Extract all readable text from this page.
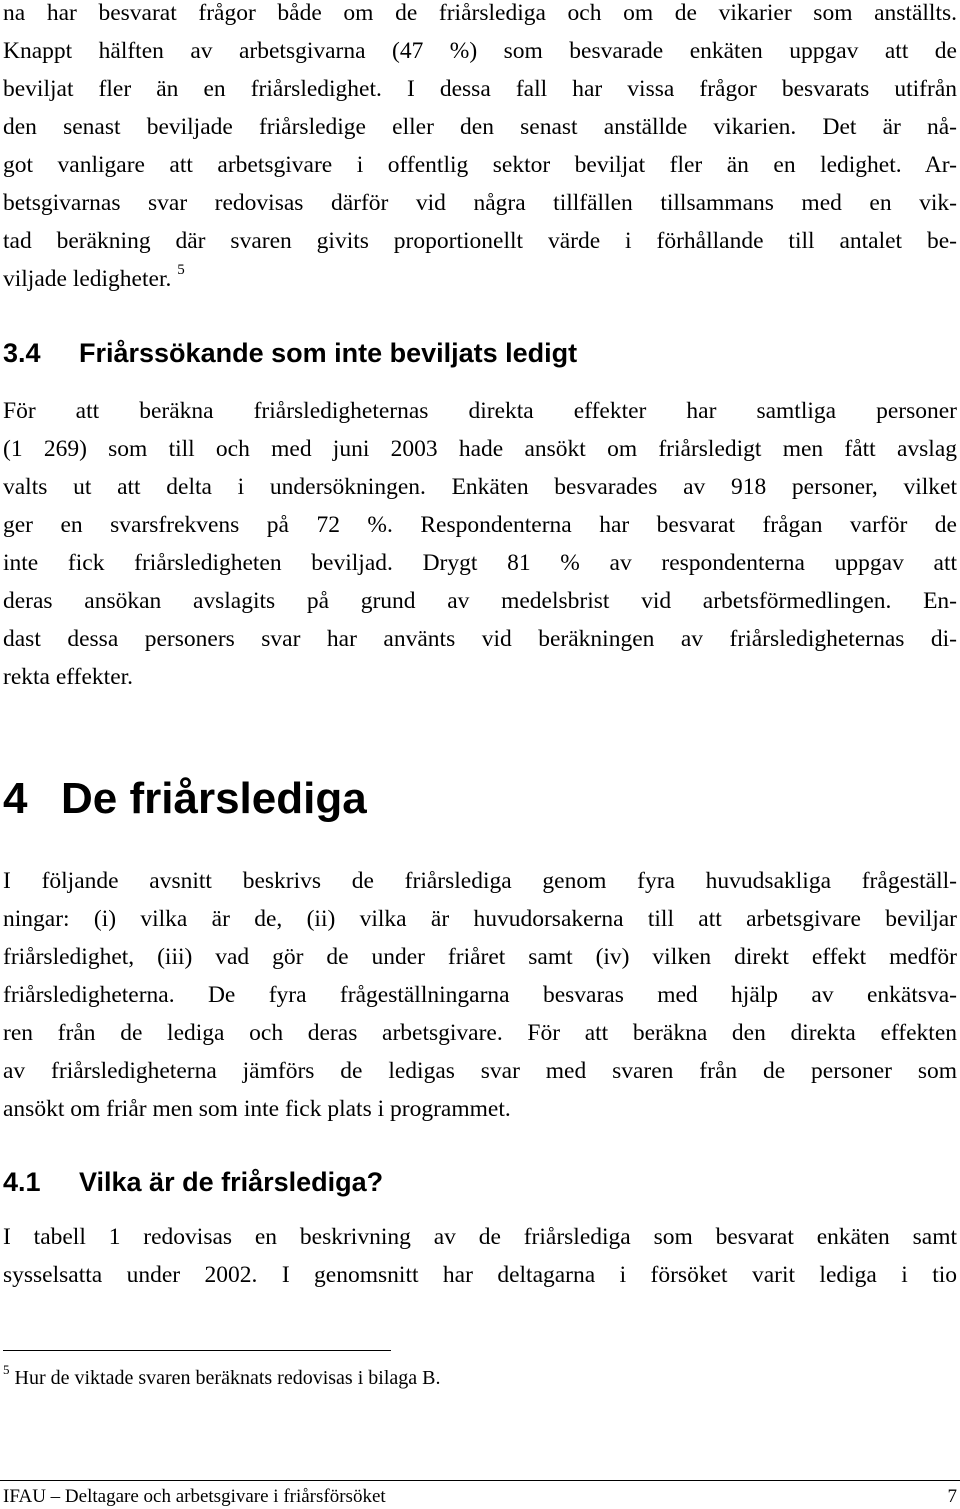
na har besvarat frågor både om de friårslediga och om de vikarier som anställts.
Knappt hälften av arbetsgivarna (47 %) som besvarade enkäten uppgav att de
beviljat fler än en friårsledighet. I dessa fall har vissa frågor besvarats utifrån
den senast beviljade friårsledige eller den senast anställde vikarien. Det är nå-
got vanligare att arbetsgivare i offentlig sektor beviljat fler än en ledighet. Ar-
betsgivarnas svar redovisas därför vid några tillfällen tillsammans med en vik-
tad beräkning där svaren givits proportionellt värde i förhållande till antalet be-
viljade ledigheter. $^5$
3.4 Friårssökande som inte beviljats ledigt
För att beräkna friårsledigheternas direkta effekter har samtliga personer
(1 269) som till och med juni 2003 hade ansökt om friårsledigt men fått avslag
valts ut att delta i undersökningen. Enkäten besvarades av 918 personer, vilket
ger en svarsfrekvens på 72 %. Respondenterna har besvarat frågan varför de
inte fick friårsledigheten beviljad. Drygt 81 % av respondenterna uppgav att
deras ansökan avslagits på grund av medelsbrist vid arbetsförmedlingen. En-
dast dessa personers svar har använts vid beräkningen av friårsledigheternas di-
rekta effekter.
4 De friårslediga
I följande avsnitt beskrivs de friårslediga genom fyra huvudsakliga frågeställ-
ningar: (i) vilka är de, (ii) vilka är huvudorsakerna till att arbetsgivare beviljar
friårsledighet, (iii) vad gör de under friåret samt (iv) vilken direkt effekt medför
friårsledigheterna. De fyra frågeställningarna besvaras med hjälp av enkätsva-
ren från de lediga och deras arbetsgivare. För att beräkna den direkta effekten
av friårsledigheterna jämförs de ledigas svar med svaren från de personer som
ansökt om friår men som inte fick plats i programmet.
4.1 Vilka är de friårslediga?
I tabell 1 redovisas en beskrivning av de friårslediga som besvarat enkäten samt
sysselsatta under 2002. I genomsnitt har deltagarna i försöket varit lediga i tio

$^5$ Hur de viktade svaren beräknats redovisas i bilaga B.

IFAU – Deltagare och arbetsgivare i friårsförsöket	7
